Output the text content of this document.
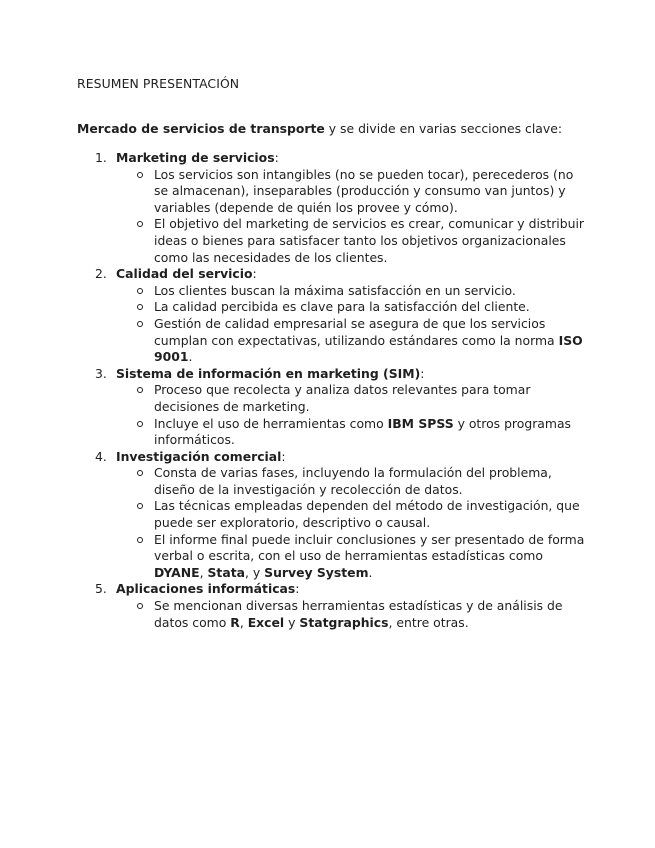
RESUMEN PRESENTACIÓN
Mercado de servicios de transporte y se divide en varias secciones clave:
1. Marketing de servicios:
Los servicios son intangibles (no se pueden tocar), perecederos (no se almacenan), inseparables (producción y consumo van juntos) y variables (depende de quién los provee y cómo).
El objetivo del marketing de servicios es crear, comunicar y distribuir ideas o bienes para satisfacer tanto los objetivos organizacionales como las necesidades de los clientes.
2. Calidad del servicio:
Los clientes buscan la máxima satisfacción en un servicio.
La calidad percibida es clave para la satisfacción del cliente.
Gestión de calidad empresarial se asegura de que los servicios cumplan con expectativas, utilizando estándares como la norma ISO 9001.
3. Sistema de información en marketing (SIM):
Proceso que recolecta y analiza datos relevantes para tomar decisiones de marketing.
Incluye el uso de herramientas como IBM SPSS y otros programas informáticos.
4. Investigación comercial:
Consta de varias fases, incluyendo la formulación del problema, diseño de la investigación y recolección de datos.
Las técnicas empleadas dependen del método de investigación, que puede ser exploratorio, descriptivo o causal.
El informe final puede incluir conclusiones y ser presentado de forma verbal o escrita, con el uso de herramientas estadísticas como DYANE, Stata, y Survey System.
5. Aplicaciones informáticas:
Se mencionan diversas herramientas estadísticas y de análisis de datos como R, Excel y Statgraphics, entre otras.
